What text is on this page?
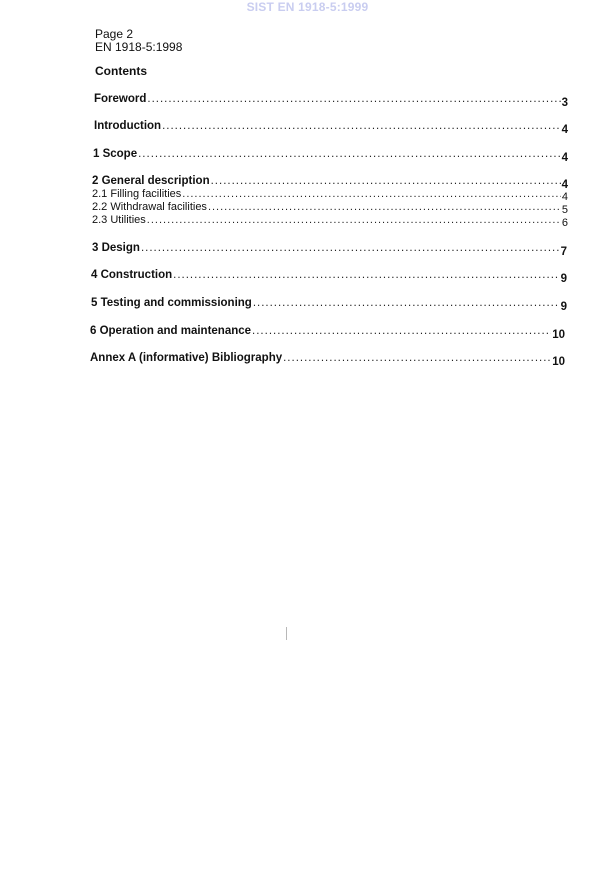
SIST EN 1918-5:1999
Page 2
EN 1918-5:1998
Contents
Foreword .....	3
Introduction .....	4
1 Scope .....	4
2 General description .....	4
2.1 Filling facilities .....	4
2.2 Withdrawal facilities .....	5
2.3 Utilities .....	6
3 Design .....	7
4 Construction .....	9
5 Testing and commissioning .....	9
6 Operation and maintenance .....	10
Annex A (informative) Bibliography .....	10
